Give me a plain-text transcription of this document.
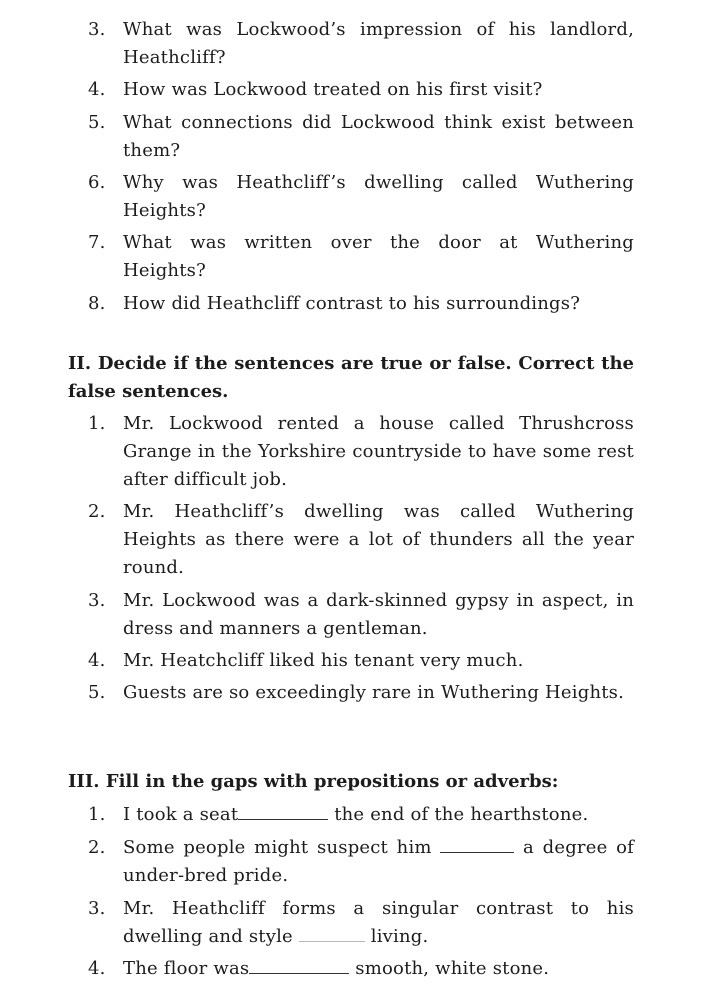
3. What was Lockwood’s impression of his landlord, Heathcliff?
4. How was Lockwood treated on his first visit?
5. What connections did Lockwood think exist between them?
6. Why was Heathcliff’s dwelling called Wuthering Heights?
7. What was written over the door at Wuthering Heights?
8. How did Heathcliff contrast to his surroundings?
II. Decide if the sentences are true or false. Correct the false sentences.
1. Mr. Lockwood rented a house called Thrushcross Grange in the Yorkshire countryside to have some rest after difficult job.
2. Mr. Heathcliff’s dwelling was called Wuthering Heights as there were a lot of thunders all the year round.
3. Mr. Lockwood was a dark-skinned gypsy in aspect, in dress and manners a gentleman.
4. Mr. Heatchcliff liked his tenant very much.
5. Guests are so exceedingly rare in Wuthering Heights.
III. Fill in the gaps with prepositions or adverbs:
1. I took a seat	the end of the hearthstone.
2. Some people might suspect him	a degree of under-bred pride.
3. Mr. Heathcliff forms a singular contrast to his dwelling and style	living.
4. The floor was	smooth, white stone.
